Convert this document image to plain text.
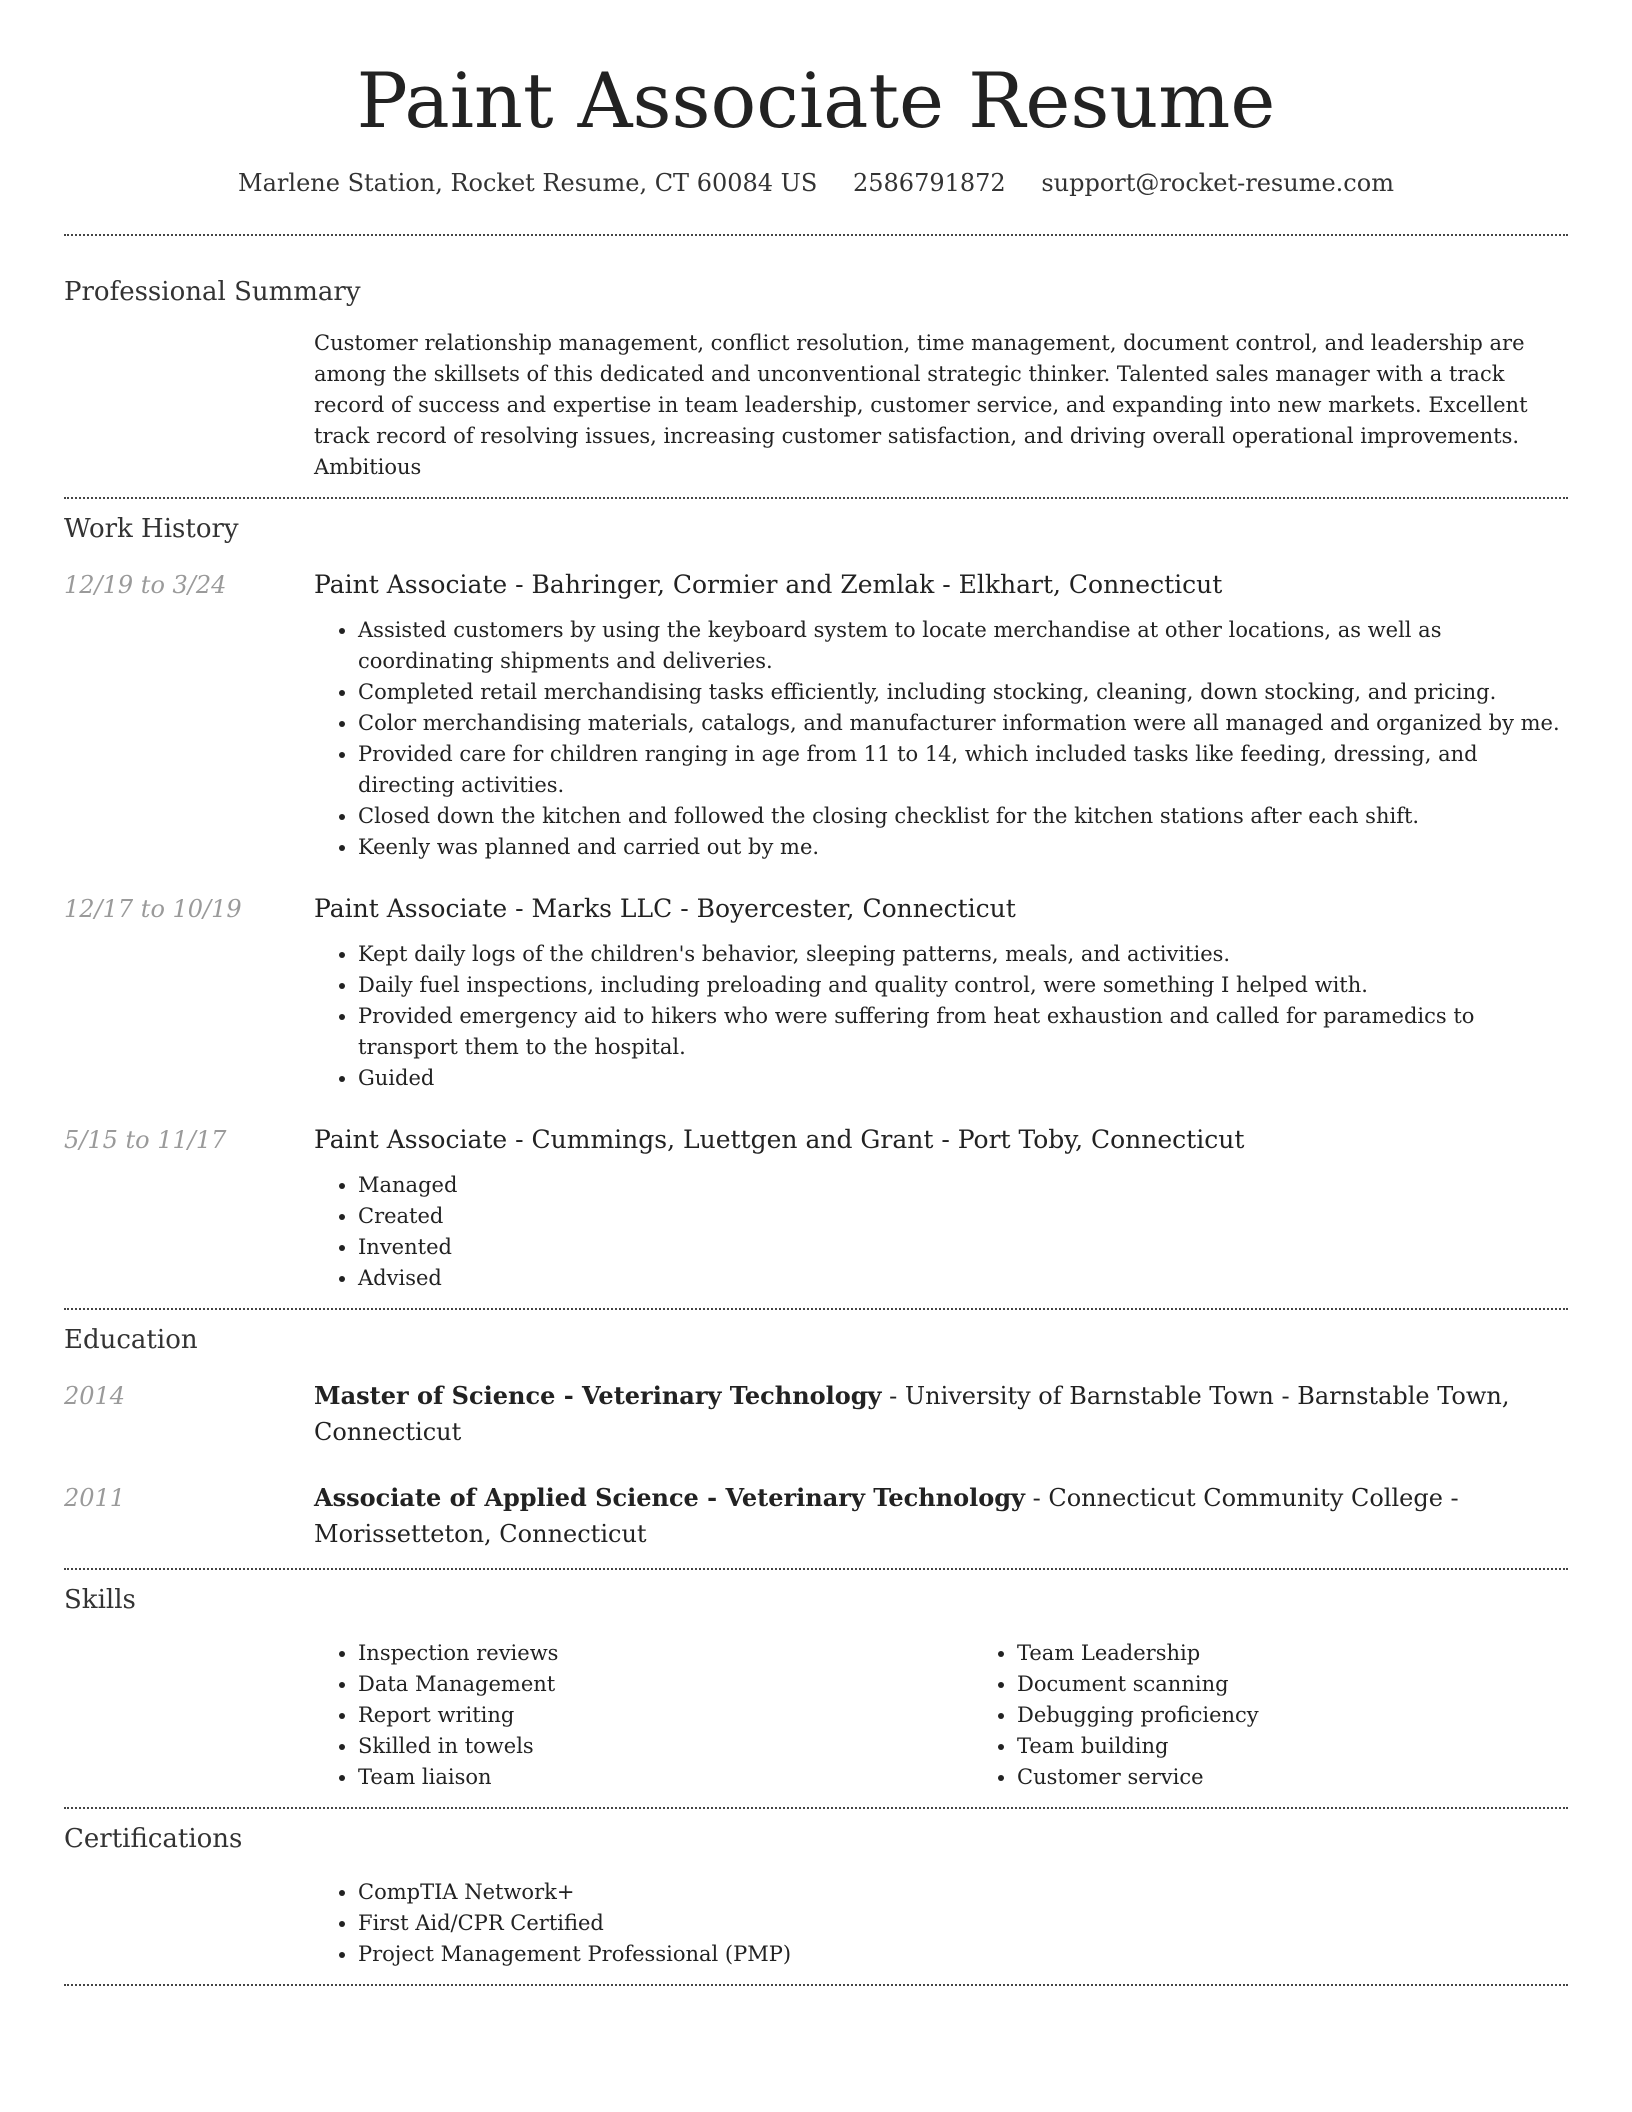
Paint Associate Resume
Marlene Station, Rocket Resume, CT 60084 US 2586791872 support@rocket-resume.com
Professional Summary
Customer relationship management, conflict resolution, time management, document control, and leadership are among the skillsets of this dedicated and unconventional strategic thinker. Talented sales manager with a track record of success and expertise in team leadership, customer service, and expanding into new markets. Excellent track record of resolving issues, increasing customer satisfaction, and driving overall operational improvements. Ambitious
Work History
12/19 to 3/24	Paint Associate - Bahringer, Cormier and Zemlak - Elkhart, Connecticut
• Assisted customers by using the keyboard system to locate merchandise at other locations, as well as coordinating shipments and deliveries.
• Completed retail merchandising tasks efficiently, including stocking, cleaning, down stocking, and pricing.
• Color merchandising materials, catalogs, and manufacturer information were all managed and organized by me.
• Provided care for children ranging in age from 11 to 14, which included tasks like feeding, dressing, and directing activities.
• Closed down the kitchen and followed the closing checklist for the kitchen stations after each shift.
• Keenly was planned and carried out by me.
12/17 to 10/19	Paint Associate - Marks LLC - Boyercester, Connecticut
• Kept daily logs of the children's behavior, sleeping patterns, meals, and activities.
• Daily fuel inspections, including preloading and quality control, were something I helped with.
• Provided emergency aid to hikers who were suffering from heat exhaustion and called for paramedics to transport them to the hospital.
• Guided
5/15 to 11/17	Paint Associate - Cummings, Luettgen and Grant - Port Toby, Connecticut
• Managed
• Created
• Invented
• Advised
Education
2014	Master of Science - Veterinary Technology - University of Barnstable Town - Barnstable Town, Connecticut
2011	Associate of Applied Science - Veterinary Technology - Connecticut Community College - Morissetteton, Connecticut
Skills
• Inspection reviews
• Data Management
• Report writing
• Skilled in towels
• Team liaison
• Team Leadership
• Document scanning
• Debugging proficiency
• Team building
• Customer service
Certifications
• CompTIA Network+
• First Aid/CPR Certified
• Project Management Professional (PMP)
